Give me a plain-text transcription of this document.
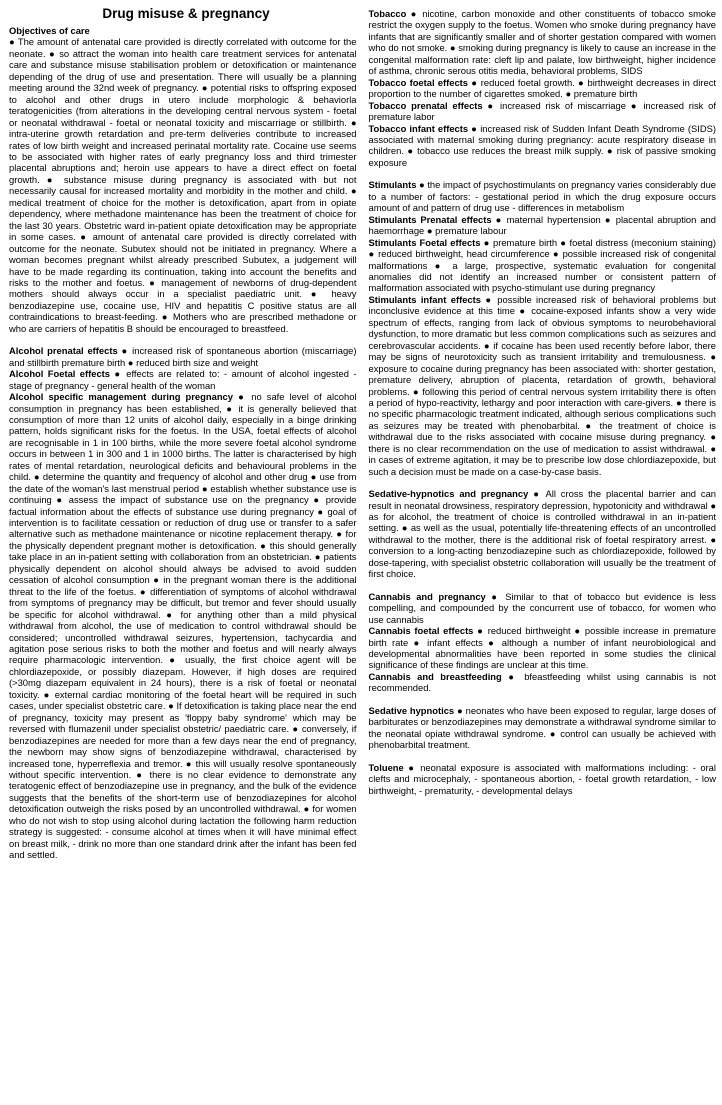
Drug misuse & pregnancy

Objectives of care

● The amount of antenatal care provided is directly correlated with outcome for the neonate. ● so attract the woman into health care treatment services for antenatal care and substance misuse stabilisation problem or detoxification or maintenance depending of the drug of use and presentation. There will usually be a planning meeting around the 32nd week of pregnancy. ● potential risks to offspring exposed to alcohol and other drugs in utero include morphologic & behaviorla teratogenicities (from alterations in the developing central nervous system - foetal or neonatal withdrawal - foetal or neonatal toxicity and miscarriage or stillbirth. ● intra-uterine growth retardation and pre-term deliveries contribute to increased rates of low birth weight and increased perinatal mortality rate. Cocaine use seems to be associated with higher rates of early pregnancy loss and third trimester placental abruptions and; heroin use appears to have a direct effect on foetal growth. ● substance misuse during pregnancy is associated with but not necessarily causal for increased mortality and morbidity in the mother and child. ● medical treatment of choice for the mother is detoxification, apart from in opiate dependency, where methadone maintenance has been the treatment of choice for the last 30 years. Obstetric ward in-patient opiate detoxification may be appropriate in some cases. ● amount of antenatal care provided is directly correlated with outcome for the neonate. Subutex should not be initiated in pregnancy. Where a woman becomes pregnant whilst already prescribed Subutex, a judgement will have to be made regarding its continuation, taking into account the benefits and risks to the mother and foetus. ● management of newborns of drug-dependent mothers should always occur in a specialist paediatric unit. ● heavy benzodiazepine use, cocaine use, HIV and hepatitis C positive status are all contraindications to breast-feeding. ● Mothers who are prescribed methadone or who are carriers of hepatitis B should be encouraged to breastfeed.

Alcohol prenatal effects ● increased risk of spontaneous abortion (miscarriage) and stillbirth premature birth ● reduced birth size and weight

Alcohol Foetal effects ● effects are related to: - amount of alcohol ingested - stage of pregnancy - general health of the woman

Alcohol specific management during pregnancy ● no safe level of alcohol consumption in pregnancy has been established, ● it is generally believed that consumption of more than 12 units of alcohol daily, especially in a binge drinking pattern, holds significant risks for the foetus. In the USA, foetal effects of alcohol are recognisable in 1 in 100 births, while the more severe foetal alcohol syndrome occurs in between 1 in 300 and 1 in 1000 births. The latter is characterised by high rates of mental retardation, neurological deficits and behavioural problems in the child. ● determine the quantity and frequency of alcohol and other drug ● use from the date of the woman's last menstrual period ● establish whether substance use is continuing ● assess the impact of substance use on the pregnancy ● provide factual information about the effects of substance use during pregnancy ● goal of intervention is to facilitate cessation or reduction of drug use or transfer to a safer alternative such as methadone maintenance or nicotine replacement therapy. ● for the physically dependent pregnant mother is detoxification. ● this should generally take place in an in-patient setting with collaboration from an obstetrician. ● patients physically dependent on alcohol should always be advised to avoid sudden cessation of alcohol consumption ● in the pregnant woman there is the additional threat to the life of the foetus. ● differentiation of symptoms of alcohol withdrawal from symptoms of pregnancy may be difficult, but tremor and fever should usually be specific for alcohol withdrawal. ● for anything other than a mild physical withdrawal from alcohol, the use of medication to control withdrawal should be considered; uncontrolled withdrawal seizures, hypertension, tachycardia and agitation pose serious risks to both the mother and foetus and will nearly always require pharmacologic intervention. ● usually, the first choice agent will be chlordiazepoxide, or possibly diazepam. However, if high doses are required (>30mg diazepam equivalent in 24 hours), there is a risk of foetal or neonatal toxicity. ● external cardiac monitoring of the foetal heart will be required in such cases, under specialist obstetric care. ● If detoxification is taking place near the end of pregnancy, toxicity may present as 'floppy baby syndrome' which may be reversed with flumazenil under specialist obstetric/ paediatric care. ● conversely, if benzodiazepines are needed for more than a few days near the end of pregnancy, the newborn may show signs of benzodiazepine withdrawal, characterised by increased tone, hyperreflexia and tremor. ● this will usually resolve spontaneously without specific intervention. ● there is no clear evidence to demonstrate any teratogenic effect of benzodiazepine use in pregnancy, and the bulk of the evidence suggests that the benefits of the short-term use of benzodiazepines for alcohol detoxification outweigh the risks posed by an uncontrolled withdrawal. ● for women who do not wish to stop using alcohol during lactation the following harm reduction strategy is suggested: - consume alcohol at times when it will have minimal effect on breast milk, - drink no more than one standard drink after the infant has been fed and settled.

Tobacco ● nicotine, carbon monoxide and other constituents of tobacco smoke restrict the oxygen supply to the foetus. Women who smoke during pregnancy have infants that are significantly smaller and of shorter gestation compared with women who do not smoke. ● smoking during pregnancy is likely to cause an increase in the congenital malformation rate: cleft lip and palate, low birthweight, higher incidence of asthma, chronic serous otitis media, behavioral problems, SIDS

Tobacco foetal effects ● reduced foetal growth. ● birthweight decreases in direct proportion to the number of cigarettes smoked. ● premature birth

Tobacco prenatal effects ● increased risk of miscarriage ● increased risk of premature labor

Tobacco infant effects ● increased risk of Sudden Infant Death Syndrome (SIDS) associated with maternal smoking during pregnancy: acute respiratory disease in children. ● tobacco use reduces the breast milk supply. ● risk of passive smoking exposure

Stimulants ● the impact of psychostimulants on pregnancy varies considerably due to a number of factors: - gestational period in which the drug exposure occurs amount of and pattern of drug use - differences in metabolism

Stimulants Prenatal effects ● maternal hypertension ● placental abruption and haemorrhage ● premature labour

Stimulants Foetal effects ● premature birth ● foetal distress (meconium staining) ● reduced birthweight, head circumference ● possible increased risk of congenital malformations ● a large, prospective, systematic evaluation for congenital anomalies did not identify an increased number or consistent pattern of malformation associated with psycho-stimulant use during pregnancy

Stimulants infant effects ● possible increased risk of behavioral problems but inconclusive evidence at this time ● cocaine-exposed infants show a very wide spectrum of effects, ranging from lack of obvious symptoms to neurobehavioral dysfunction, to more dramatic but less common complications such as seizures and cerebrovascular accidents. ● if cocaine has been used recently before labor, there may be signs of neurotoxicity such as transient irritability and tremulousness. ● exposure to cocaine during pregnancy has been associated with: shorter gestation, premature delivery, abruption of placenta, retardation of growth, behavioral problems. ● following this period of central nervous system irritability there is often a period of hypo-reactivity, lethargy and poor interaction with care-givers. ● there is no specific pharmacologic treatment indicated, although serious complications such as seizures may be treated with phenobarbital. ● the treatment of choice is withdrawal due to the risks associated with cocaine misuse during pregnancy. ● there is no clear recommendation on the use of medication to assist withdrawal. ● in cases of extreme agitation, it may be to prescribe low dose chlordiazepoxide, but such a decision must be made on a case-by-case basis.

Sedative-hypnotics and pregnancy ● All cross the placental barrier and can result in neonatal drowsiness, respiratory depression, hypotonicity and withdrawal ● as for alcohol, the treatment of choice is controlled withdrawal in an in-patient setting. ● as well as the usual, potentially life-threatening effects of an uncontrolled withdrawal to the mother, there is the additional risk of foetal respiratory arrest. ● conversion to a long-acting benzodiazepine such as chlordiazepoxide, followed by dose-tapering, with specialist obstetric collaboration will usually be the treatment of first choice.

Cannabis and pregnancy ● Similar to that of tobacco but evidence is less compelling, and compounded by the concurrent use of tobacco, for women who use cannabis

Cannabis foetal effects ● reduced birthweight ● possible increase in premature birth rate ● infant effects ● although a number of infant neurobiological and developmental abnormalities have been reported in some studies the clinical significance of these findings are unclear at this time.

Cannabis and breastfeeding ● bfeastfeeding whilst using cannabis is not recommended.

Sedative hypnotics ● neonates who have been exposed to regular, large doses of barbiturates or benzodiazepines may demonstrate a withdrawal syndrome similar to the neonatal opiate withdrawal syndrome. ● control can usually be achieved with phenobarbital treatment.

Toluene ● neonatal exposure is associated with malformations including: - oral clefts and microcephaly, - spontaneous abortion, - foetal growth retardation, - low birthweight, - prematurity, - developmental delays
